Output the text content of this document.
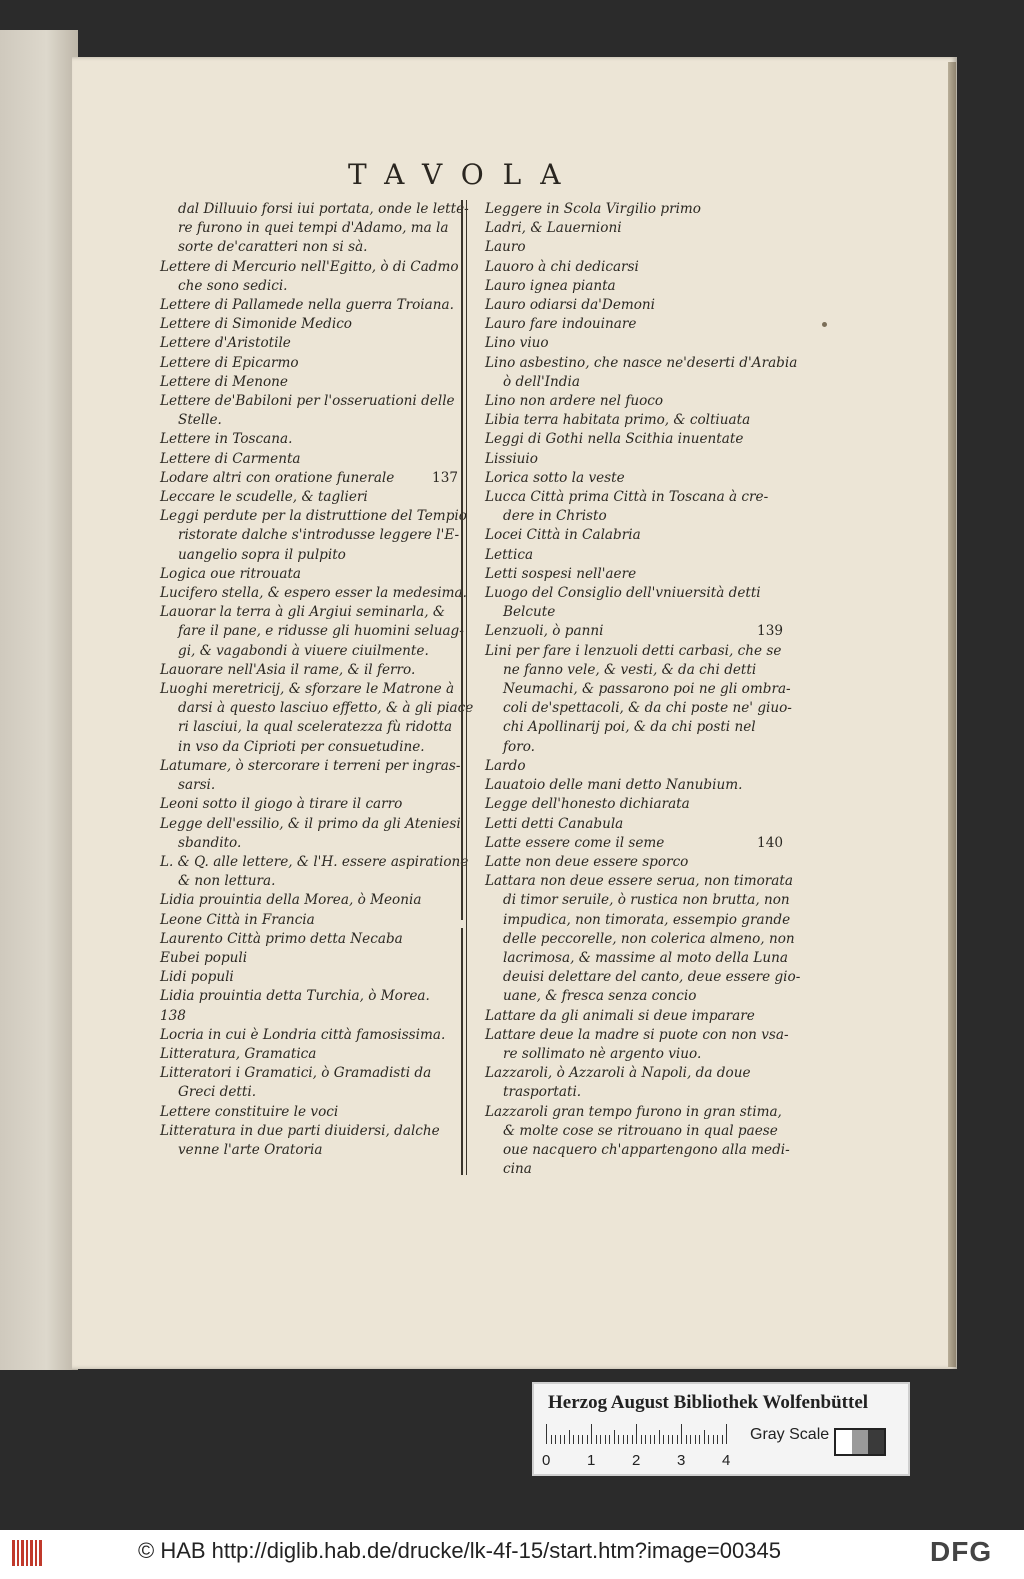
TAVOLA
dal Dilluuio forsi iui portata, onde le lette-
re furono in quei tempi d'Adamo, ma la
sorte de'caratteri non si sà.
Lettere di Mercurio nell'Egitto, ò di Cadmo
che sono sedici.
Lettere di Pallamede nella guerra Troiana.
Lettere di Simonide Medico
Lettere d'Aristotile
Lettere di Epicarmo
Lettere di Menone
Lettere de'Babiloni per l'osseruationi delle
Stelle.
Lettere in Toscana.
Lettere di Carmenta
Lodare altri con oratione funerale	137
Leccare le scudelle, & taglieri
Leggi perdute per la distruttione del Tempio
ristorate dalche s'introdusse leggere l'E-
uangelio sopra il pulpito
Logica oue ritrouata
Lucifero stella, & espero esser la medesima.
Lauorar la terra à gli Argiui seminarla, &
fare il pane, e ridusse gli huomini seluag-
gi, & vagabondi à viuere ciuilmente.
Lauorare nell'Asia il rame, & il ferro.
Luoghi meretricij, & sforzare le Matrone à
darsi à questo lasciuo effetto, & à gli piace
ri lasciui, la qual sceleratezza fù ridotta
in vso da Ciprioti per consuetudine.
Latumare, ò stercorare i terreni per ingras-
sarsi.
Leoni sotto il giogo à tirare il carro
Legge dell'essilio, & il primo da gli Ateniesi
sbandito.
L. & Q. alle lettere, & l'H. essere aspiratione
& non lettura.
Lidia prouintia della Morea, ò Meonia
Leone Città in Francia
Laurento Città primo detta Necaba
Eubei populi
Lidi populi
Lidia prouintia detta Turchia, ò Morea.
138
Locria in cui è Londria città famosissima.
Litteratura, Gramatica
Litteratori i Gramatici, ò Gramadisti da
Greci detti.
Lettere constituire le voci
Litteratura in due parti diuidersi, dalche
venne l'arte Oratoria
Leggere in Scola Virgilio primo
Ladri, & Lauernioni
Lauro
Lauoro à chi dedicarsi
Lauro ignea pianta
Lauro odiarsi da'Demoni
Lauro fare indouinare
Lino viuo
Lino asbestino, che nasce ne'deserti d'Arabia
ò dell'India
Lino non ardere nel fuoco
Libia terra habitata primo, & coltiuata
Leggi di Gothi nella Scithia inuentate
Lissiuio
Lorica sotto la veste
Lucca Città prima Città in Toscana à cre-
dere in Christo
Locei Città in Calabria
Lettica
Letti sospesi nell'aere
Luogo del Consiglio dell'vniuersità detti
Belcute
Lenzuoli, ò panni	139
Lini per fare i lenzuoli detti carbasi, che se
ne fanno vele, & vesti, & da chi detti
Neumachi, & passarono poi ne gli ombra-
coli de'spettacoli, & da chi poste ne' giuo-
chi Apollinarij poi, & da chi posti nel
foro.
Lardo
Lauatoio delle mani detto Nanubium.
Legge dell'honesto dichiarata
Letti detti Canabula
Latte essere come il seme	140
Latte non deue essere sporco
Lattara non deue essere serua, non timorata
di timor seruile, ò rustica non brutta, non
impudica, non timorata, essempio grande
delle peccorelle, non colerica almeno, non
lacrimosa, & massime al moto della Luna
deuisi delettare del canto, deue essere gio-
uane, & fresca senza concio
Lattare da gli animali si deue imparare
Lattare deue la madre si puote con non vsa-
re sollimato nè argento viuo.
Lazzaroli, ò Azzaroli à Napoli, da doue
trasportati.
Lazzaroli gran tempo furono in gran stima,
& molte cose se ritrouano in qual paese
oue nacquero ch'appartengono alla medi-
cina
Herzog August Bibliothek Wolfenbüttel
0 1 2 3 4
Gray Scale
© HAB http://diglib.hab.de/drucke/lk-4f-15/start.htm?image=00345	DFG
